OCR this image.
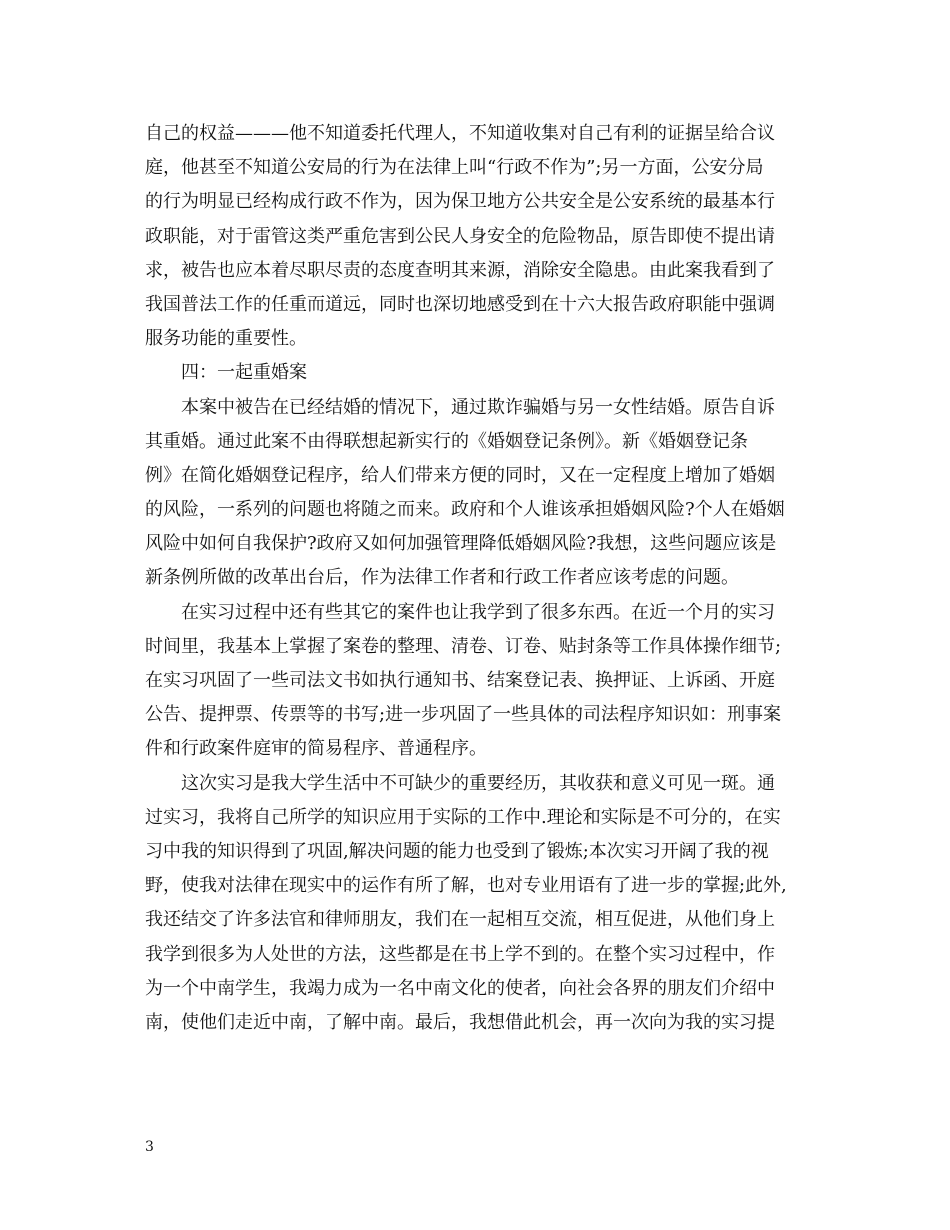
自己的权益———他不知道委托代理人，不知道收集对自己有利的证据呈给合议
庭，他甚至不知道公安局的行为在法律上叫“行政不作为”;另一方面，公安分局
的行为明显已经构成行政不作为，因为保卫地方公共安全是公安系统的最基本行
政职能，对于雷管这类严重危害到公民人身安全的危险物品，原告即使不提出请
求，被告也应本着尽职尽责的态度查明其来源，消除安全隐患。由此案我看到了
我国普法工作的任重而道远，同时也深切地感受到在十六大报告政府职能中强调
服务功能的重要性。
四：一起重婚案
本案中被告在已经结婚的情况下，通过欺诈骗婚与另一女性结婚。原告自诉
其重婚。通过此案不由得联想起新实行的《婚姻登记条例》。新《婚姻登记条
例》在简化婚姻登记程序，给人们带来方便的同时，又在一定程度上增加了婚姻
的风险，一系列的问题也将随之而来。政府和个人谁该承担婚姻风险?个人在婚姻
风险中如何自我保护?政府又如何加强管理降低婚姻风险?我想，这些问题应该是
新条例所做的改革出台后，作为法律工作者和行政工作者应该考虑的问题。
在实习过程中还有些其它的案件也让我学到了很多东西。在近一个月的实习
时间里，我基本上掌握了案卷的整理、清卷、订卷、贴封条等工作具体操作细节;
在实习巩固了一些司法文书如执行通知书、结案登记表、换押证、上诉函、开庭
公告、提押票、传票等的书写;进一步巩固了一些具体的司法程序知识如：刑事案
件和行政案件庭审的简易程序、普通程序。
这次实习是我大学生活中不可缺少的重要经历，其收获和意义可见一斑。通
过实习，我将自己所学的知识应用于实际的工作中.理论和实际是不可分的，在实
习中我的知识得到了巩固,解决问题的能力也受到了锻炼;本次实习开阔了我的视
野，使我对法律在现实中的运作有所了解，也对专业用语有了进一步的掌握;此外,
我还结交了许多法官和律师朋友，我们在一起相互交流，相互促进，从他们身上
我学到很多为人处世的方法，这些都是在书上学不到的。在整个实习过程中，作
为一个中南学生，我竭力成为一名中南文化的使者，向社会各界的朋友们介绍中
南，使他们走近中南，了解中南。最后，我想借此机会，再一次向为我的实习提
3
